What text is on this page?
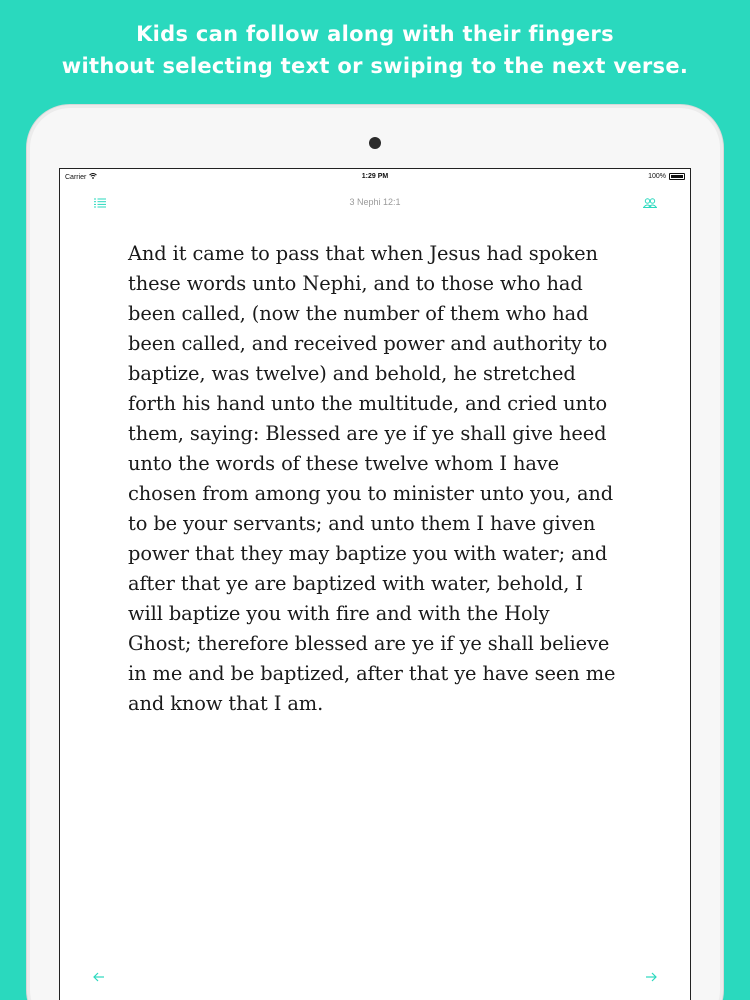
Kids can follow along with their fingers
without selecting text or swiping to the next verse.
Carrier	1:29 PM	100%
3 Nephi 12:1
And it came to pass that when Jesus had spoken
these words unto Nephi, and to those who had
been called, (now the number of them who had
been called, and received power and authority to
baptize, was twelve) and behold, he stretched
forth his hand unto the multitude, and cried unto
them, saying: Blessed are ye if ye shall give heed
unto the words of these twelve whom I have
chosen from among you to minister unto you, and
to be your servants; and unto them I have given
power that they may baptize you with water; and
after that ye are baptized with water, behold, I
will baptize you with fire and with the Holy
Ghost; therefore blessed are ye if ye shall believe
in me and be baptized, after that ye have seen me
and know that I am.
